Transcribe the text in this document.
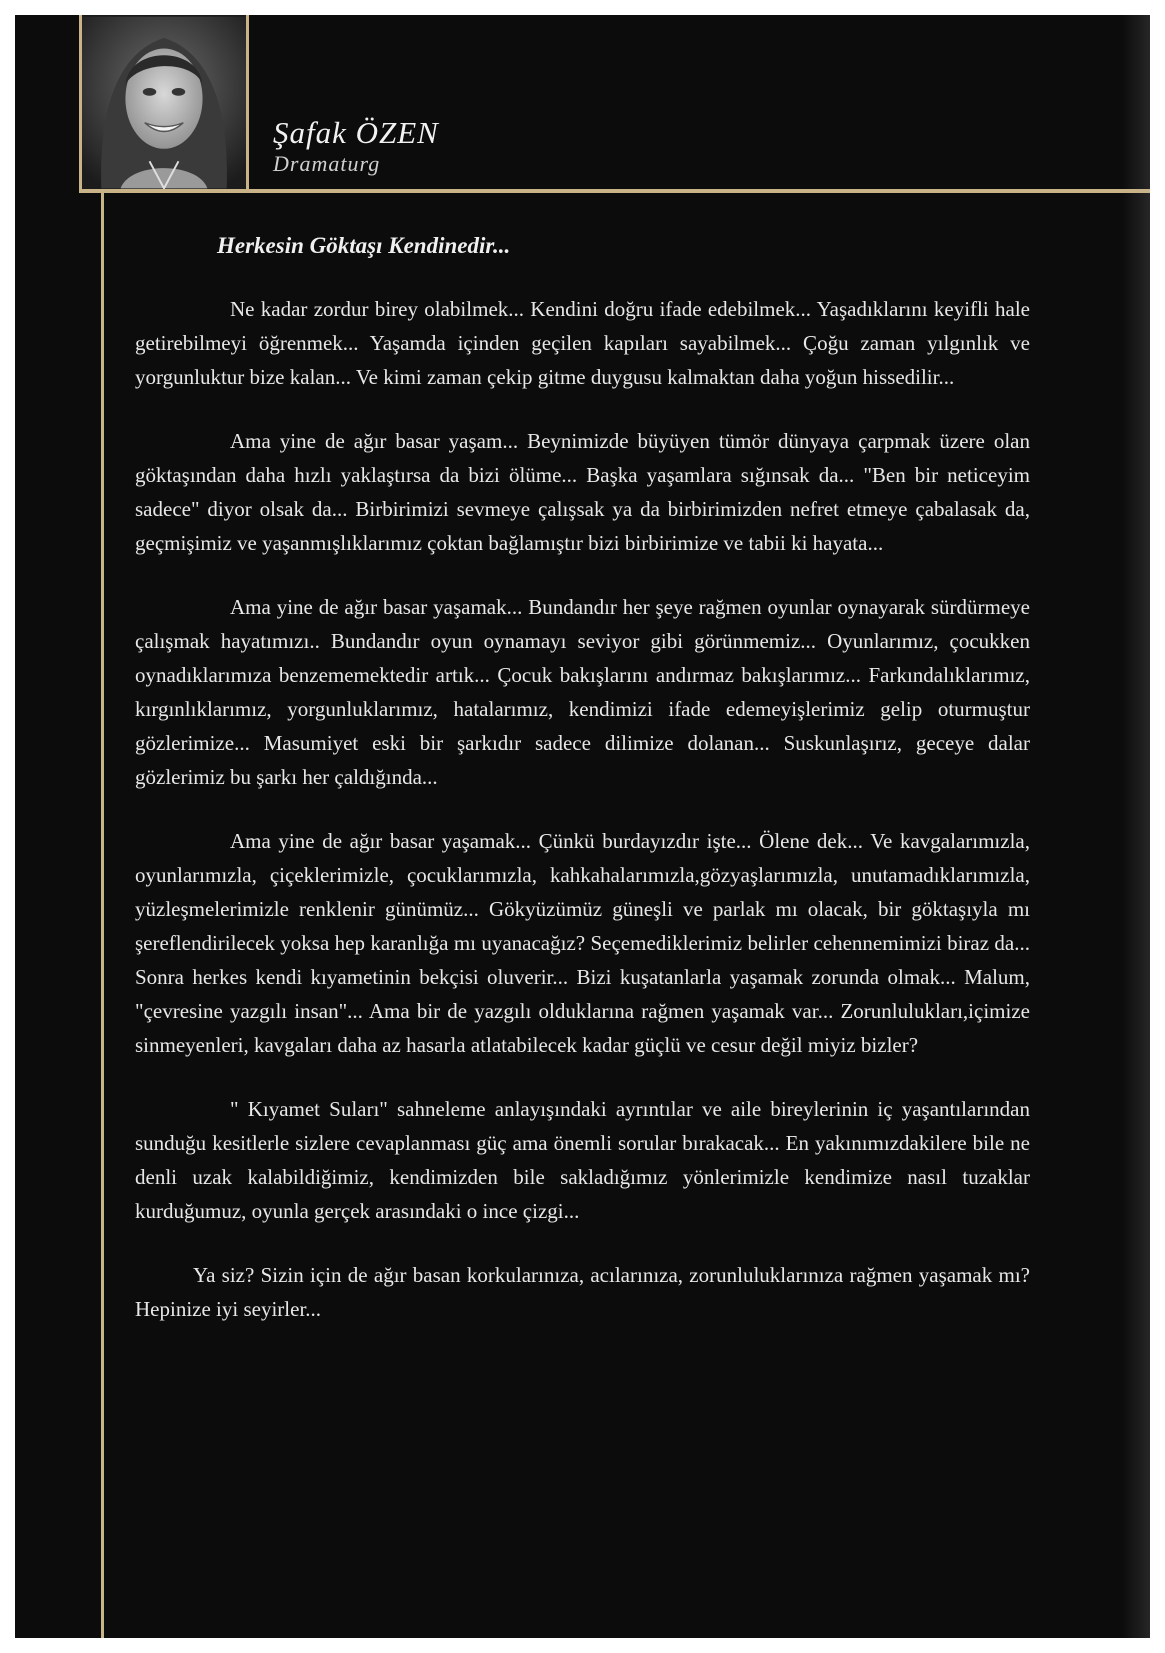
Şafak ÖZEN
Dramaturg
Herkesin Göktaşı Kendinedir...

Ne kadar zordur birey olabilmek... Kendini doğru ifade edebilmek... Yaşadıklarını keyifli hale getirebilmeyi öğrenmek... Yaşamda içinden geçilen kapıları sayabilmek... Çoğu zaman yılgınlık ve yorgunluktur bize kalan... Ve kimi zaman çekip gitme duygusu kalmaktan daha yoğun hissedilir...

Ama yine de ağır basar yaşam... Beynimizde büyüyen tümör dünyaya çarpmak üzere olan göktaşından daha hızlı yaklaştırsa da bizi ölüme... Başka yaşamlara sığınsak da... "Ben bir neticeyim sadece" diyor olsak da... Birbirimizi sevmeye çalışsak ya da birbirimizden nefret etmeye çabalasak da, geçmişimiz ve yaşanmışlıklarımız çoktan bağlamıştır bizi birbirimize ve tabii ki hayata...

Ama yine de ağır basar yaşamak... Bundandır her şeye rağmen oyunlar oynayarak sürdürmeye çalışmak hayatımızı.. Bundandır oyun oynamayı seviyor gibi görünmemiz... Oyunlarımız, çocukken oynadıklarımıza benzememektedir artık... Çocuk bakışlarını andırmaz bakışlarımız... Farkındalıklarımız, kırgınlıklarımız, yorgunluklarımız, hatalarımız, kendimizi ifade edemeyişlerimiz gelip oturmuştur gözlerimize... Masumiyet eski bir şarkıdır sadece dilimize dolanan... Suskunlaşırız, geceye dalar gözlerimiz bu şarkı her çaldığında...

Ama yine de ağır basar yaşamak... Çünkü burdayızdır işte... Ölene dek... Ve kavgalarımızla, oyunlarımızla, çiçeklerimizle, çocuklarımızla, kahkahalarımızla,gözyaşlarımızla, unutamadıklarımızla, yüzleşmelerimizle renklenir günümüz... Gökyüzümüz güneşli ve parlak mı olacak, bir göktaşıyla mı şereflendirilecek yoksa hep karanlığa mı uyanacağız? Seçemediklerimiz belirler cehennemimizi biraz da... Sonra herkes kendi kıyametinin bekçisi oluverir... Bizi kuşatanlarla yaşamak zorunda olmak... Malum, "çevresine yazgılı insan"... Ama bir de yazgılı olduklarına rağmen yaşamak var... Zorunlulukları,içimize sinmeyenleri, kavgaları daha az hasarla atlatabilecek kadar güçlü ve cesur değil miyiz bizler?

" Kıyamet Suları" sahneleme anlayışındaki ayrıntılar ve aile bireylerinin iç yaşantılarından sunduğu kesitlerle sizlere cevaplanması güç ama önemli sorular bırakacak... En yakınımızdakilere bile ne denli uzak kalabildiğimiz, kendimizden bile sakladığımız yönlerimizle kendimize nasıl tuzaklar kurduğumuz, oyunla gerçek arasındaki o ince çizgi...

Ya siz? Sizin için de ağır basan korkularınıza, acılarınıza, zorunluluklarınıza rağmen yaşamak mı? Hepinize iyi seyirler...
